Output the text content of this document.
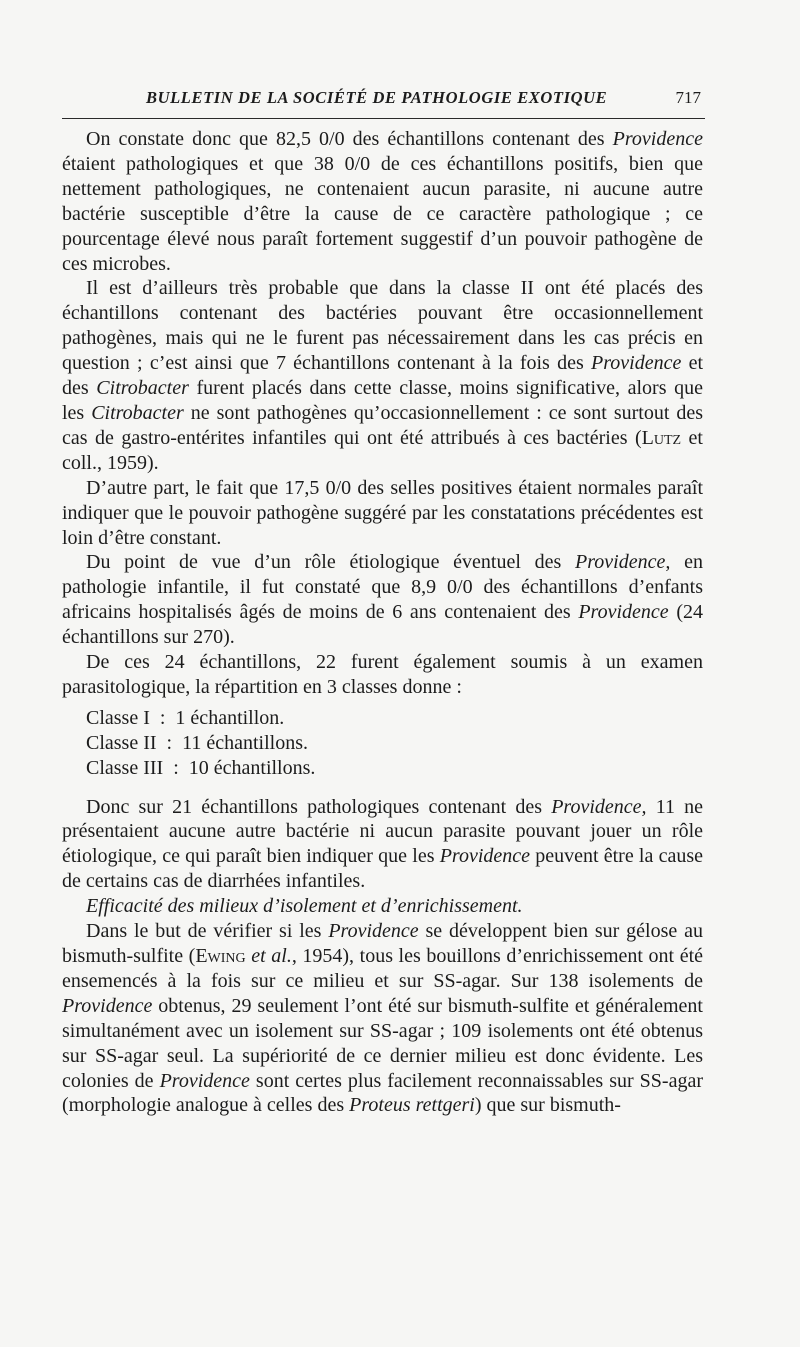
BULLETIN DE LA SOCIÉTÉ DE PATHOLOGIE EXOTIQUE	717

On constate donc que 82,5 0/0 des échantillons contenant des Providence étaient pathologiques et que 38 0/0 de ces échantillons positifs, bien que nettement pathologiques, ne contenaient aucun parasite, ni aucune autre bactérie susceptible d’être la cause de ce caractère pathologique ; ce pourcentage élevé nous paraît fortement suggestif d’un pouvoir pathogène de ces microbes.

Il est d’ailleurs très probable que dans la classe II ont été placés des échantillons contenant des bactéries pouvant être occasionnellement pathogènes, mais qui ne le furent pas nécessairement dans les cas précis en question ; c’est ainsi que 7 échantillons contenant à la fois des Providence et des Citrobacter furent placés dans cette classe, moins significative, alors que les Citrobacter ne sont pathogènes qu’occasionnellement : ce sont surtout des cas de gastro-entérites infantiles qui ont été attribués à ces bactéries (Lutz et coll., 1959).

D’autre part, le fait que 17,5 0/0 des selles positives étaient normales paraît indiquer que le pouvoir pathogène suggéré par les constatations précédentes est loin d’être constant.

Du point de vue d’un rôle étiologique éventuel des Providence, en pathologie infantile, il fut constaté que 8,9 0/0 des échantillons d’enfants africains hospitalisés âgés de moins de 6 ans contenaient des Providence (24 échantillons sur 270).

De ces 24 échantillons, 22 furent également soumis à un examen parasitologique, la répartition en 3 classes donne :

Classe I  :  1 échantillon.
Classe II  :  11 échantillons.
Classe III  :  10 échantillons.

Donc sur 21 échantillons pathologiques contenant des Providence, 11 ne présentaient aucune autre bactérie ni aucun parasite pouvant jouer un rôle étiologique, ce qui paraît bien indiquer que les Providence peuvent être la cause de certains cas de diarrhées infantiles.

Efficacité des milieux d’isolement et d’enrichissement.

Dans le but de vérifier si les Providence se développent bien sur gélose au bismuth-sulfite (Ewing et al., 1954), tous les bouillons d’enrichissement ont été ensemencés à la fois sur ce milieu et sur SS-agar. Sur 138 isolements de Providence obtenus, 29 seulement l’ont été sur bismuth-sulfite et généralement simultanément avec un isolement sur SS-agar ; 109 isolements ont été obtenus sur SS-agar seul. La supériorité de ce dernier milieu est donc évidente. Les colonies de Providence sont certes plus facilement reconnaissables sur SS-agar (morphologie analogue à celles des Proteus rettgeri) que sur bismuth-
